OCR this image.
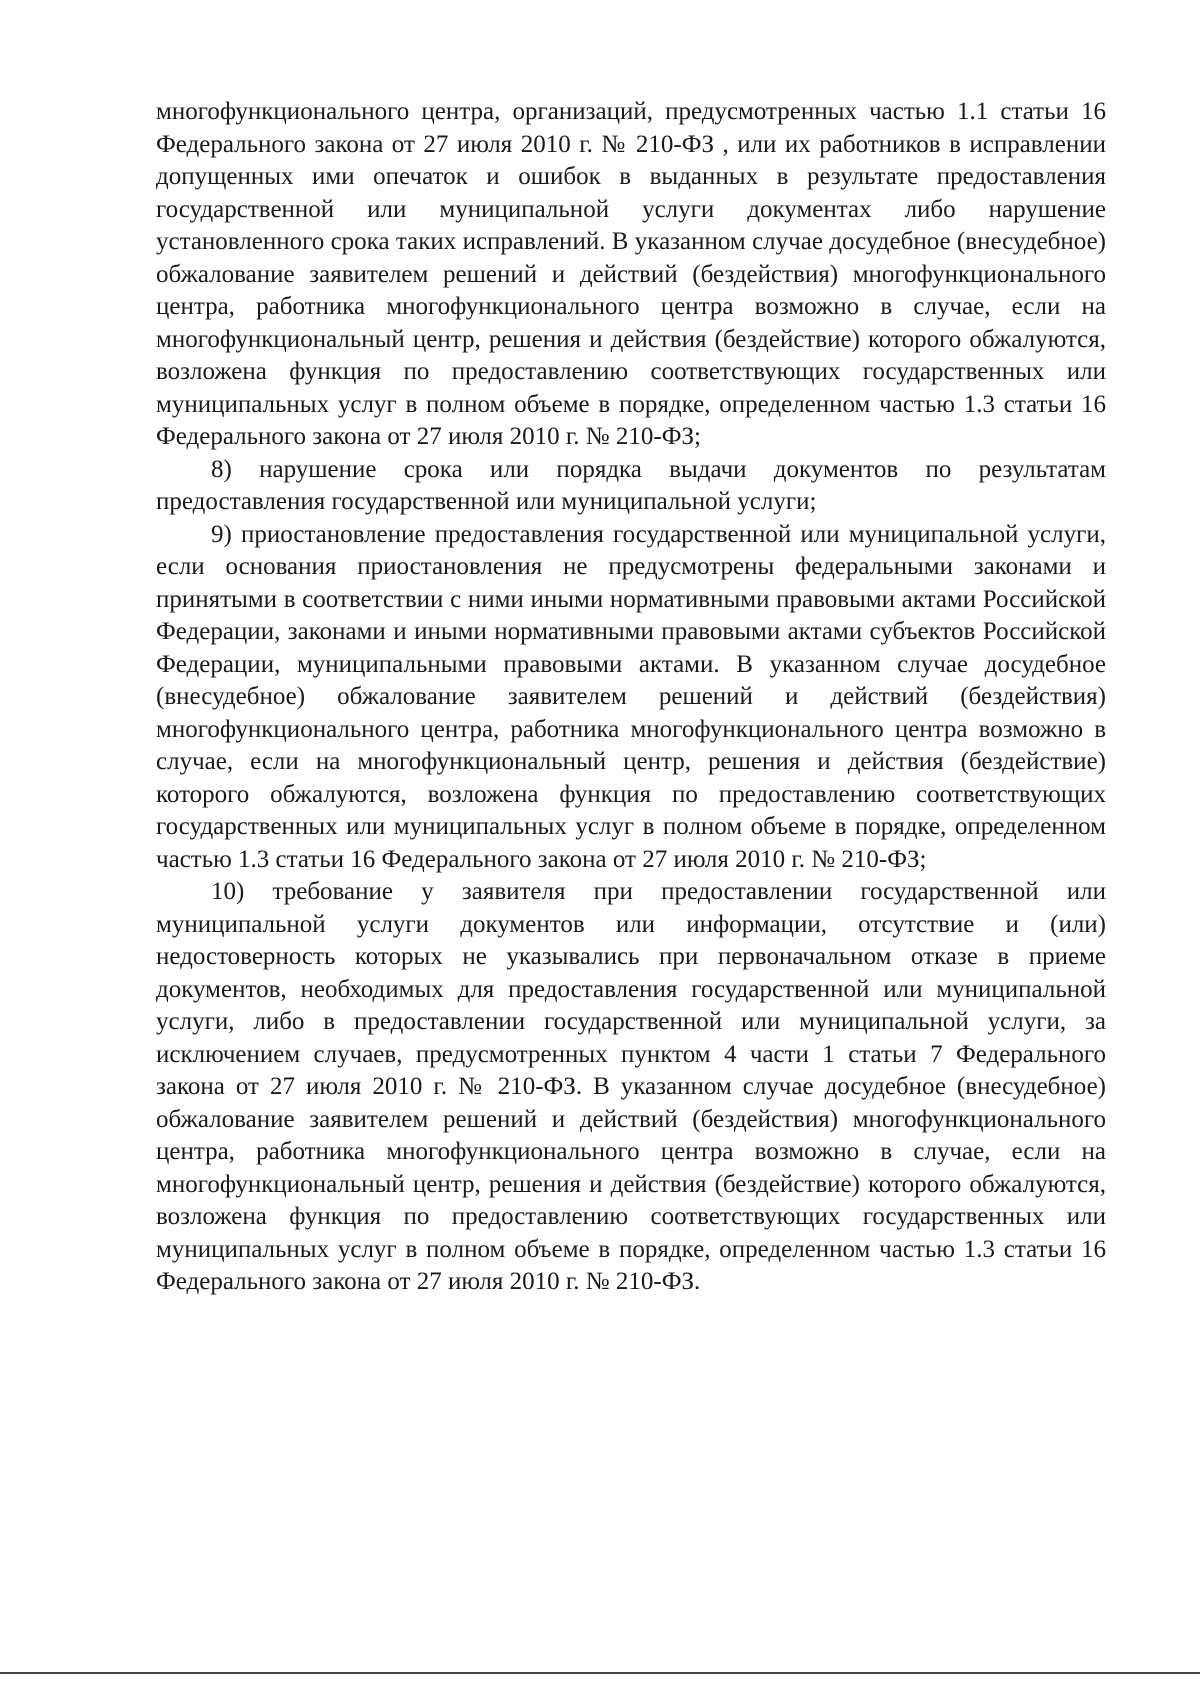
многофункционального центра, организаций, предусмотренных частью 1.1 статьи 16 Федерального закона от 27 июля 2010 г. № 210-ФЗ , или их работников в исправлении допущенных ими опечаток и ошибок в выданных в результате предоставления государственной или муниципальной услуги документах либо нарушение установленного срока таких исправлений. В указанном случае досудебное (внесудебное) обжалование заявителем решений и действий (бездействия) многофункционального центра, работника многофункционального центра возможно в случае, если на многофункциональный центр, решения и действия (бездействие) которого обжалуются, возложена функция по предоставлению соответствующих государственных или муниципальных услуг в полном объеме в порядке, определенном частью 1.3 статьи 16 Федерального закона от 27 июля 2010 г. № 210-ФЗ;

8) нарушение срока или порядка выдачи документов по результатам предоставления государственной или муниципальной услуги;

9) приостановление предоставления государственной или муниципальной услуги, если основания приостановления не предусмотрены федеральными законами и принятыми в соответствии с ними иными нормативными правовыми актами Российской Федерации, законами и иными нормативными правовыми актами субъектов Российской Федерации, муниципальными правовыми актами. В указанном случае досудебное (внесудебное) обжалование заявителем решений и действий (бездействия) многофункционального центра, работника многофункционального центра возможно в случае, если на многофункциональный центр, решения и действия (бездействие) которого обжалуются, возложена функция по предоставлению соответствующих государственных или муниципальных услуг в полном объеме в порядке, определенном частью 1.3 статьи 16 Федерального закона от 27 июля 2010 г. № 210-ФЗ;

10) требование у заявителя при предоставлении государственной или муниципальной услуги документов или информации, отсутствие и (или) недостоверность которых не указывались при первоначальном отказе в приеме документов, необходимых для предоставления государственной или муниципальной услуги, либо в предоставлении государственной или муниципальной услуги, за исключением случаев, предусмотренных пунктом 4 части 1 статьи 7 Федерального закона от 27 июля 2010 г. № 210-ФЗ. В указанном случае досудебное (внесудебное) обжалование заявителем решений и действий (бездействия) многофункционального центра, работника многофункционального центра возможно в случае, если на многофункциональный центр, решения и действия (бездействие) которого обжалуются, возложена функция по предоставлению соответствующих государственных или муниципальных услуг в полном объеме в порядке, определенном частью 1.3 статьи 16 Федерального закона от 27 июля 2010 г. № 210-ФЗ.
